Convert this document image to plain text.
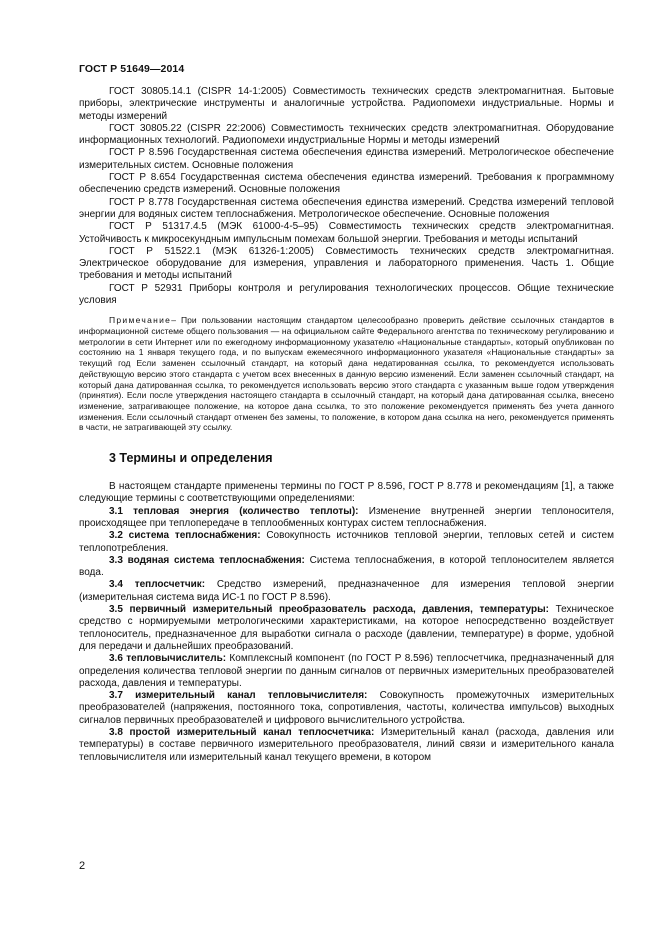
ГОСТ Р 51649—2014

ГОСТ 30805.14.1 (CISPR 14-1:2005) Совместимость технических средств электромагнитная. Бытовые приборы, электрические инструменты и аналогичные устройства. Радиопомехи индустриальные. Нормы и методы измерений

ГОСТ 30805.22 (CISPR 22:2006) Совместимость технических средств электромагнитная. Оборудование информационных технологий. Радиопомехи индустриальные Нормы и методы измерений

ГОСТ Р 8.596 Государственная система обеспечения единства измерений. Метрологическое обеспечение измерительных систем. Основные положения

ГОСТ Р 8.654 Государственная система обеспечения единства измерений. Требования к программному обеспечению средств измерений. Основные положения

ГОСТ Р 8.778 Государственная система обеспечения единства измерений. Средства измерений тепловой энергии для водяных систем теплоснабжения. Метрологическое обеспечение. Основные положения

ГОСТ Р 51317.4.5 (МЭК 61000-4-5–95) Совместимость технических средств электромагнитная. Устойчивость к микросекундным импульсным помехам большой энергии. Требования и методы испытаний

ГОСТ Р 51522.1 (МЭК 61326-1:2005) Совместимость технических средств электромагнитная. Электрическое оборудование для измерения, управления и лабораторного применения. Часть 1. Общие требования и методы испытаний

ГОСТ Р 52931 Приборы контроля и регулирования технологических процессов. Общие технические условия

Примечание– При пользовании настоящим стандартом целесообразно проверить действие ссылочных стандартов в информационной системе общего пользования — на официальном сайте Федерального агентства по техническому регулированию и метрологии в сети Интернет или по ежегодному информационному указателю «Национальные стандарты», который опубликован по состоянию на 1 января текущего года, и по выпускам ежемесячного информационного указателя «Национальные стандарты» за текущий год Если заменен ссылочный стандарт, на который дана недатированная ссылка, то рекомендуется использовать действующую версию этого стандарта с учетом всех внесенных в данную версию изменений. Если заменен ссылочный стандарт, на который дана датированная ссылка, то рекомендуется использовать версию этого стандарта с указанным выше годом утверждения (принятия). Если после утверждения настоящего стандарта в ссылочный стандарт, на который дана датированная ссылка, внесено изменение, затрагивающее положение, на которое дана ссылка, то это положение рекомендуется применять без учета данного изменения. Если ссылочный стандарт отменен без замены, то положение, в котором дана ссылка на него, рекомендуется применять в части, не затрагивающей эту ссылку.

3 Термины и определения

В настоящем стандарте применены термины по ГОСТ Р 8.596, ГОСТ Р 8.778 и рекомендациям [1], а также следующие термины с соответствующими определениями:

3.1 тепловая энергия (количество теплоты): Изменение внутренней энергии теплоносителя, происходящее при теплопередаче в теплообменных контурах систем теплоснабжения.

3.2 система теплоснабжения: Совокупность источников тепловой энергии, тепловых сетей и систем теплопотребления.

3.3 водяная система теплоснабжения: Система теплоснабжения, в которой теплоносителем является вода.

3.4 теплосчетчик: Средство измерений, предназначенное для измерения тепловой энергии (измерительная система вида ИС-1 по ГОСТ Р 8.596).

3.5 первичный измерительный преобразователь расхода, давления, температуры: Техническое средство с нормируемыми метрологическими характеристиками, на которое непосредственно воздействует теплоноситель, предназначенное для выработки сигнала о расходе (давлении, температуре) в форме, удобной для передачи и дальнейших преобразований.

3.6 тепловычислитель: Комплексный компонент (по ГОСТ Р 8.596) теплосчетчика, предназначенный для определения количества тепловой энергии по данным сигналов от первичных измерительных преобразователей расхода, давления и температуры.

3.7 измерительный канал тепловычислителя: Совокупность промежуточных измерительных преобразователей (напряжения, постоянного тока, сопротивления, частоты, количества импульсов) выходных сигналов первичных преобразователей и цифрового вычислительного устройства.

3.8 простой измерительный канал теплосчетчика: Измерительный канал (расхода, давления или температуры) в составе первичного измерительного преобразователя, линий связи и измерительного канала тепловычислителя или измерительный канал текущего времени, в котором

2
